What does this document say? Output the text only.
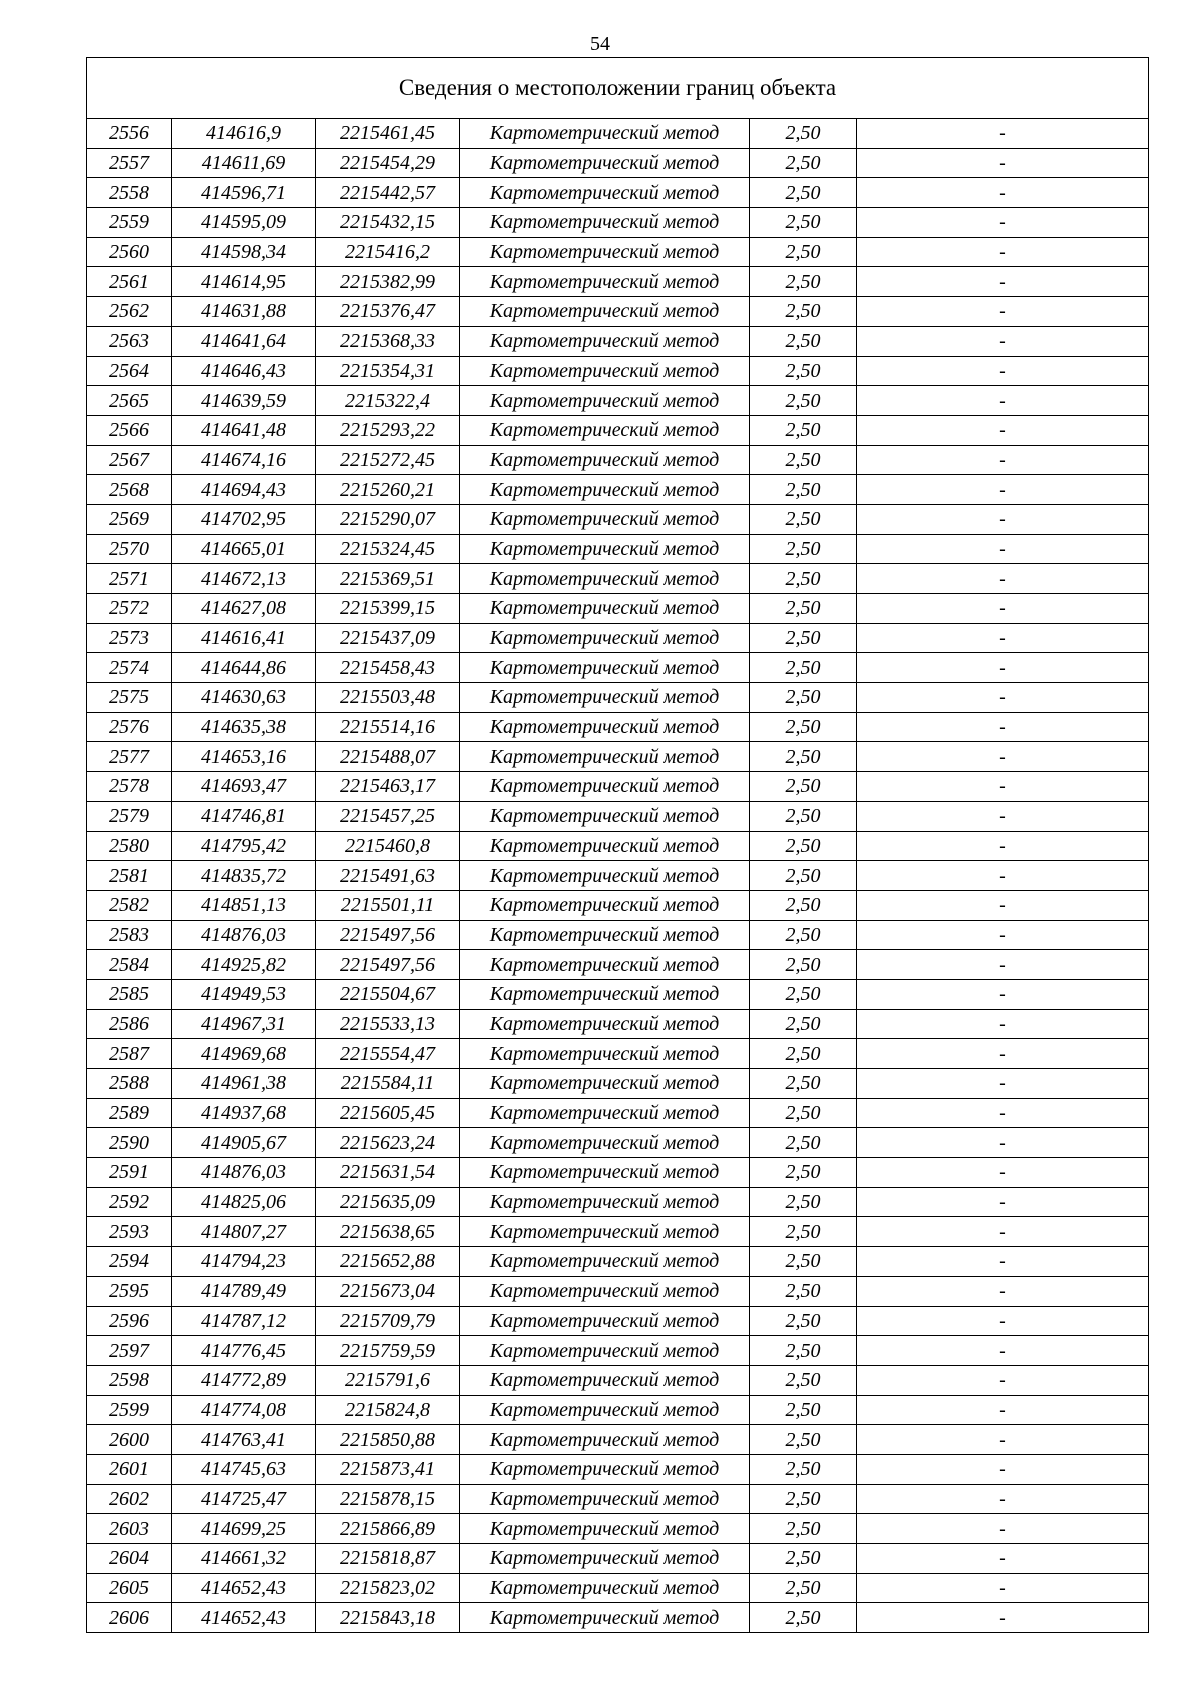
54
Сведения о местоположении границ объекта					
2556	414616,9	2215461,45	Картометрический метод	2,50	-
2557	414611,69	2215454,29	Картометрический метод	2,50	-
2558	414596,71	2215442,57	Картометрический метод	2,50	-
2559	414595,09	2215432,15	Картометрический метод	2,50	-
2560	414598,34	2215416,2	Картометрический метод	2,50	-
2561	414614,95	2215382,99	Картометрический метод	2,50	-
2562	414631,88	2215376,47	Картометрический метод	2,50	-
2563	414641,64	2215368,33	Картометрический метод	2,50	-
2564	414646,43	2215354,31	Картометрический метод	2,50	-
2565	414639,59	2215322,4	Картометрический метод	2,50	-
2566	414641,48	2215293,22	Картометрический метод	2,50	-
2567	414674,16	2215272,45	Картометрический метод	2,50	-
2568	414694,43	2215260,21	Картометрический метод	2,50	-
2569	414702,95	2215290,07	Картометрический метод	2,50	-
2570	414665,01	2215324,45	Картометрический метод	2,50	-
2571	414672,13	2215369,51	Картометрический метод	2,50	-
2572	414627,08	2215399,15	Картометрический метод	2,50	-
2573	414616,41	2215437,09	Картометрический метод	2,50	-
2574	414644,86	2215458,43	Картометрический метод	2,50	-
2575	414630,63	2215503,48	Картометрический метод	2,50	-
2576	414635,38	2215514,16	Картометрический метод	2,50	-
2577	414653,16	2215488,07	Картометрический метод	2,50	-
2578	414693,47	2215463,17	Картометрический метод	2,50	-
2579	414746,81	2215457,25	Картометрический метод	2,50	-
2580	414795,42	2215460,8	Картометрический метод	2,50	-
2581	414835,72	2215491,63	Картометрический метод	2,50	-
2582	414851,13	2215501,11	Картометрический метод	2,50	-
2583	414876,03	2215497,56	Картометрический метод	2,50	-
2584	414925,82	2215497,56	Картометрический метод	2,50	-
2585	414949,53	2215504,67	Картометрический метод	2,50	-
2586	414967,31	2215533,13	Картометрический метод	2,50	-
2587	414969,68	2215554,47	Картометрический метод	2,50	-
2588	414961,38	2215584,11	Картометрический метод	2,50	-
2589	414937,68	2215605,45	Картометрический метод	2,50	-
2590	414905,67	2215623,24	Картометрический метод	2,50	-
2591	414876,03	2215631,54	Картометрический метод	2,50	-
2592	414825,06	2215635,09	Картометрический метод	2,50	-
2593	414807,27	2215638,65	Картометрический метод	2,50	-
2594	414794,23	2215652,88	Картометрический метод	2,50	-
2595	414789,49	2215673,04	Картометрический метод	2,50	-
2596	414787,12	2215709,79	Картометрический метод	2,50	-
2597	414776,45	2215759,59	Картометрический метод	2,50	-
2598	414772,89	2215791,6	Картометрический метод	2,50	-
2599	414774,08	2215824,8	Картометрический метод	2,50	-
2600	414763,41	2215850,88	Картометрический метод	2,50	-
2601	414745,63	2215873,41	Картометрический метод	2,50	-
2602	414725,47	2215878,15	Картометрический метод	2,50	-
2603	414699,25	2215866,89	Картометрический метод	2,50	-
2604	414661,32	2215818,87	Картометрический метод	2,50	-
2605	414652,43	2215823,02	Картометрический метод	2,50	-
2606	414652,43	2215843,18	Картометрический метод	2,50	-
